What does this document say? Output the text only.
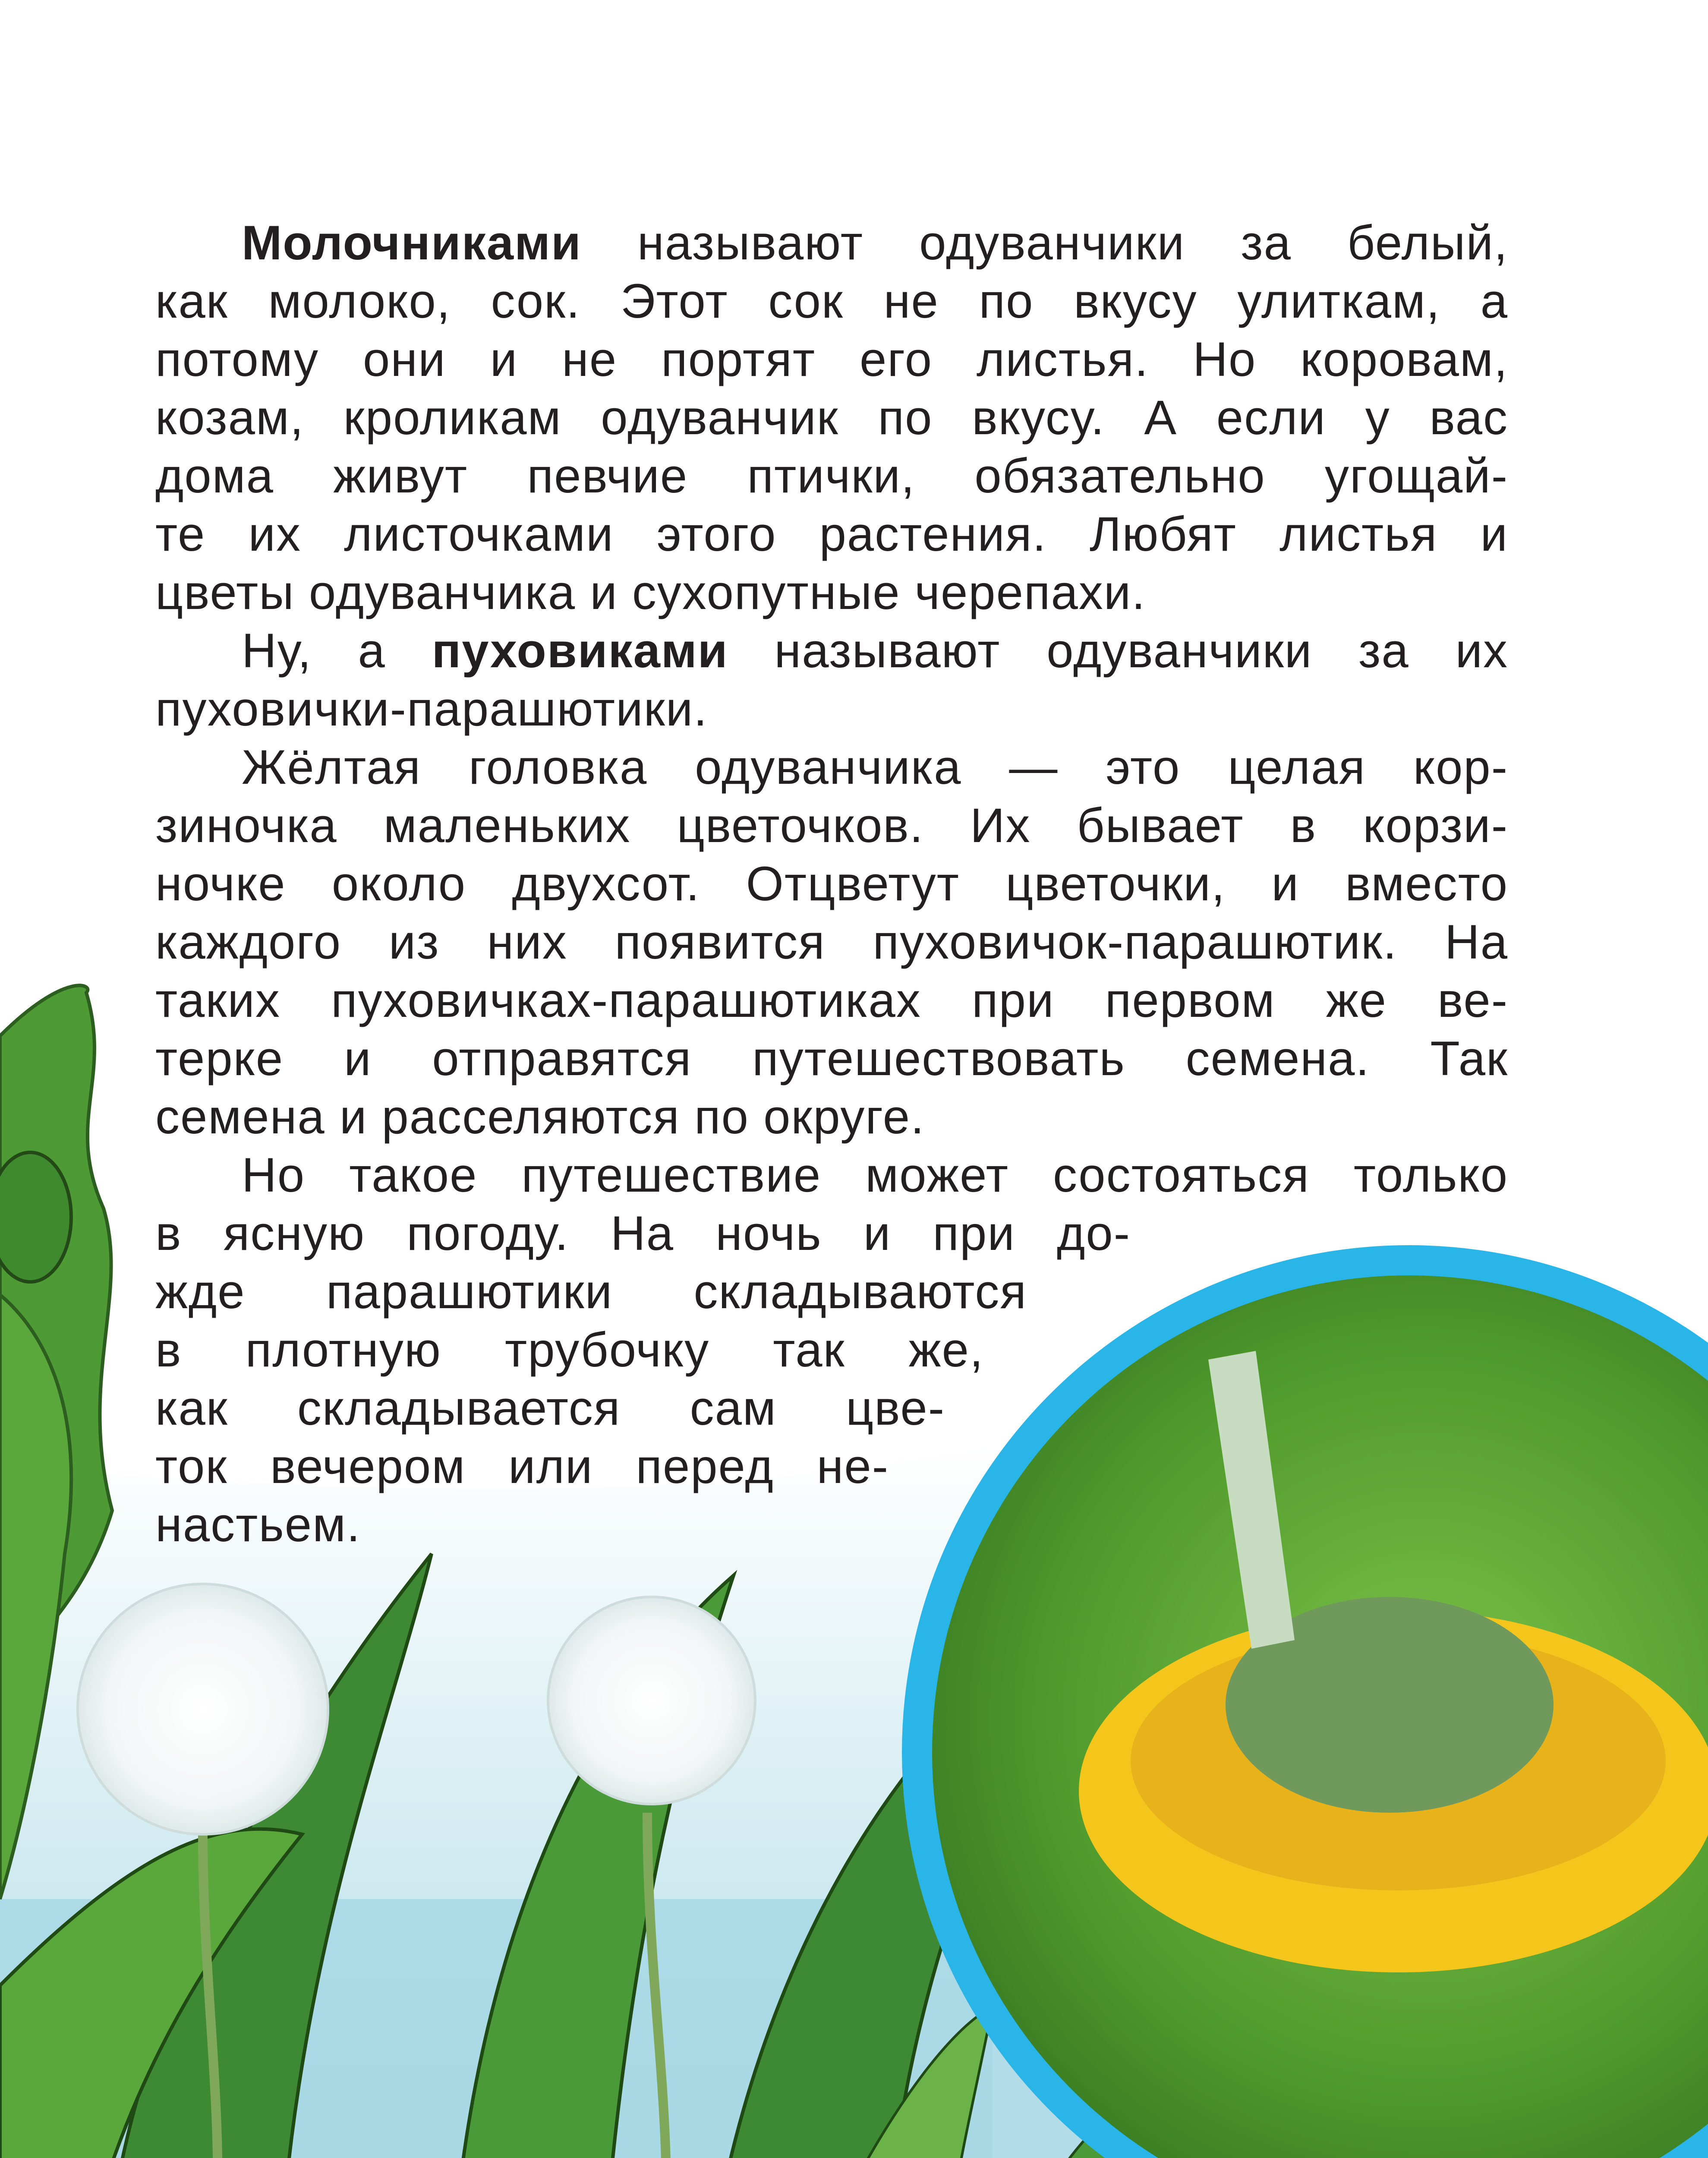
Молочниками называют одуванчики за белый,
как молоко, сок. Этот сок не по вкусу улиткам, а
потому они и не портят его листья. Но коровам,
козам, кроликам одуванчик по вкусу. А если у вас
дома живут певчие птички, обязательно угощай-
те их листочками этого растения. Любят листья и
цветы одуванчика и сухопутные черепахи.
Ну, а пуховиками называют одуванчики за их
пуховички-парашютики.
Жёлтая головка одуванчика — это целая кор-
зиночка маленьких цветочков. Их бывает в корзи-
ночке около двухсот. Отцветут цветочки, и вместо
каждого из них появится пуховичок-парашютик. На
таких пуховичках-парашютиках при первом же ве-
терке и отправятся путешествовать семена. Так
семена и расселяются по округе.
Но такое путешествие может состояться только
в ясную погоду. На ночь и при до-
жде парашютики складываются
в плотную трубочку так же,
как складывается сам цве-
ток вечером или перед не-
настьем.
